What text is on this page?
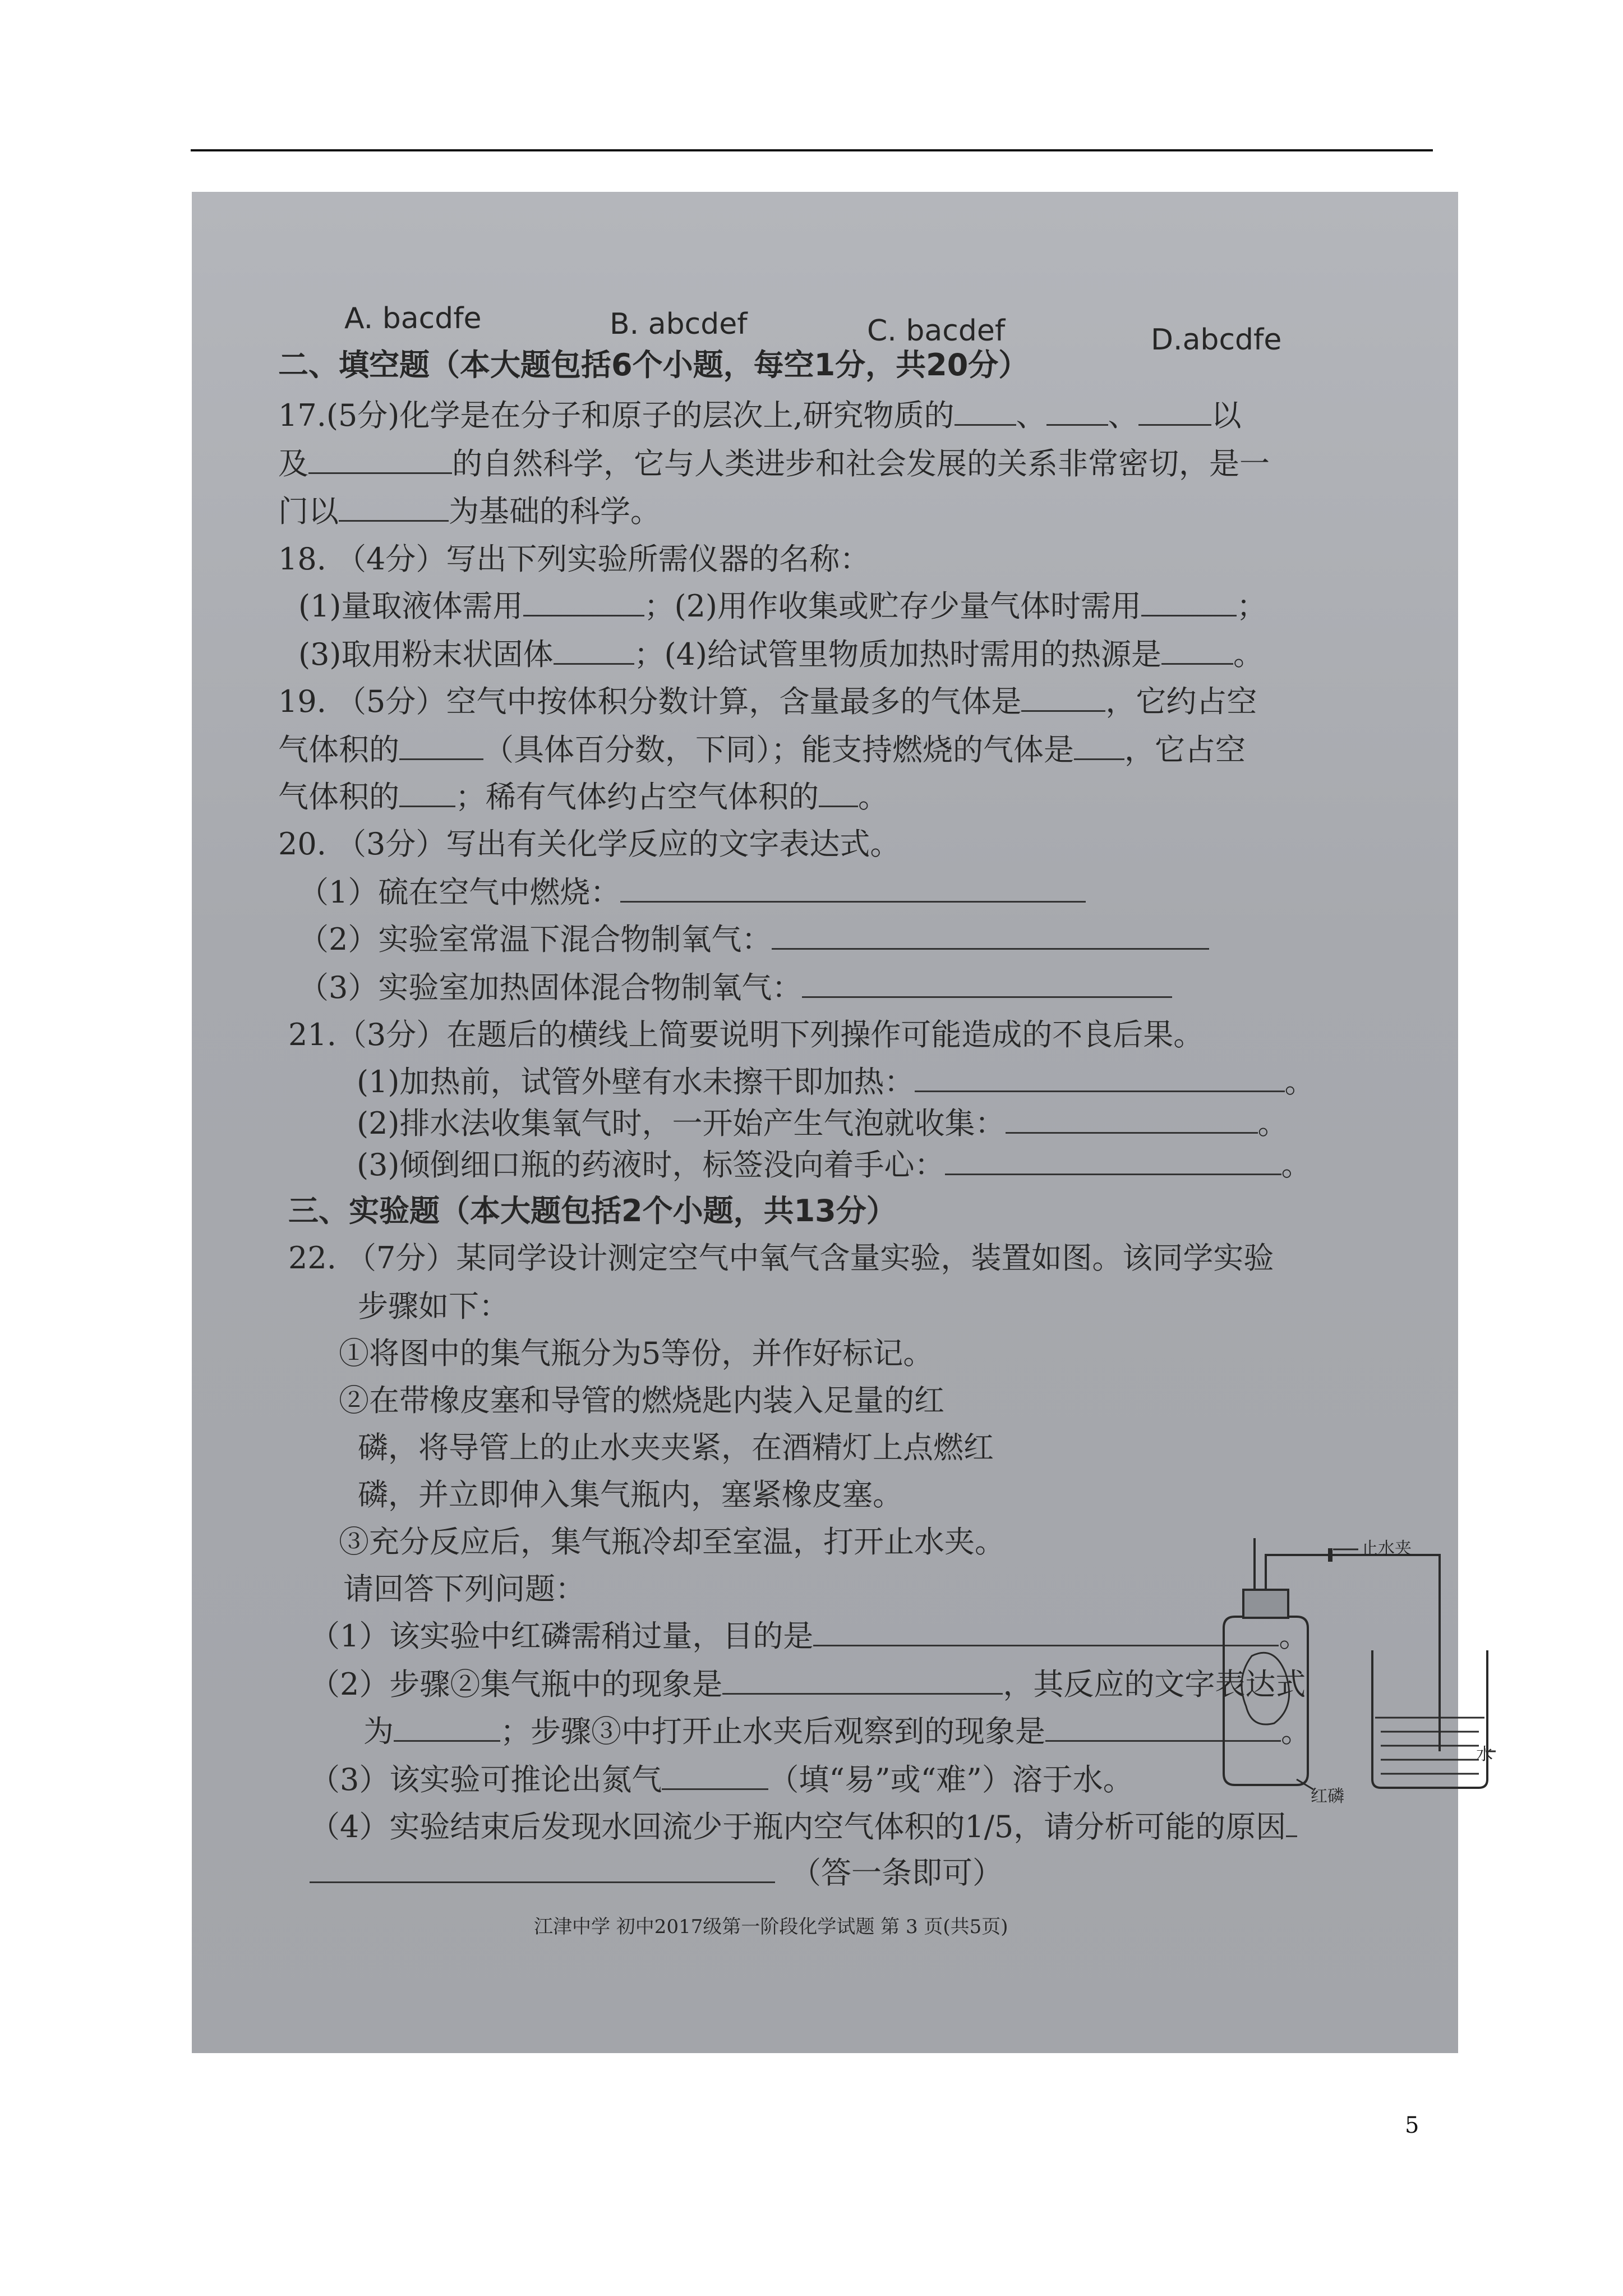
A. bacdfe	B. abcdef	C. bacdef	D.abcdfe
二、填空题（本大题包括6个小题，每空1分，共20分）
17.(5分)化学是在分子和原子的层次上,研究物质的 、 、 以
及	的自然科学，它与人类进步和社会发展的关系非常密切，是一
门以	为基础的科学。
18. （4分）写出下列实验所需仪器的名称：
(1)量取液体需用	；(2)用作收集或贮存少量气体时需用	；
(3)取用粉末状固体	；(4)给试管里物质加热时需用的热源是 。
19. （5分）空气中按体积分数计算，含量最多的气体是	，它约占空
气体积的	（具体百分数，下同）；能支持燃烧的气体是 ，它占空
气体积的 ；稀有气体约占空气体积的 。
20. （3分）写出有关化学反应的文字表达式。
（1）硫在空气中燃烧：
（2）实验室常温下混合物制氧气：
（3）实验室加热固体混合物制氧气：
21.（3分）在题后的横线上简要说明下列操作可能造成的不良后果。
(1)加热前，试管外壁有水未擦干即加热：	。
(2)排水法收集氧气时，一开始产生气泡就收集：	。
(3)倾倒细口瓶的药液时，标签没向着手心：	。
三、实验题（本大题包括2个小题，共13分）
22. （7分）某同学设计测定空气中氧气含量实验，装置如图。该同学实验
步骤如下：
①将图中的集气瓶分为5等份，并作好标记。
②在带橡皮塞和导管的燃烧匙内装入足量的红
磷，将导管上的止水夹夹紧，在酒精灯上点燃红
磷，并立即伸入集气瓶内，塞紧橡皮塞。
③充分反应后，集气瓶冷却至室温，打开止水夹。
请回答下列问题：
（1）该实验中红磷需稍过量，目的是	。
（2）步骤②集气瓶中的现象是	，其反应的文字表达式
为	；步骤③中打开止水夹后观察到的现象是	。
（3）该实验可推论出氮气	（填“易”或“难”）溶于水。
（4）实验结束后发现水回流少于瓶内空气体积的1/5，请分析可能的原因
（答一条即可）
江津中学 初中2017级第一阶段化学试题 第 3 页(共5页)
止水夹
红磷
水
5
